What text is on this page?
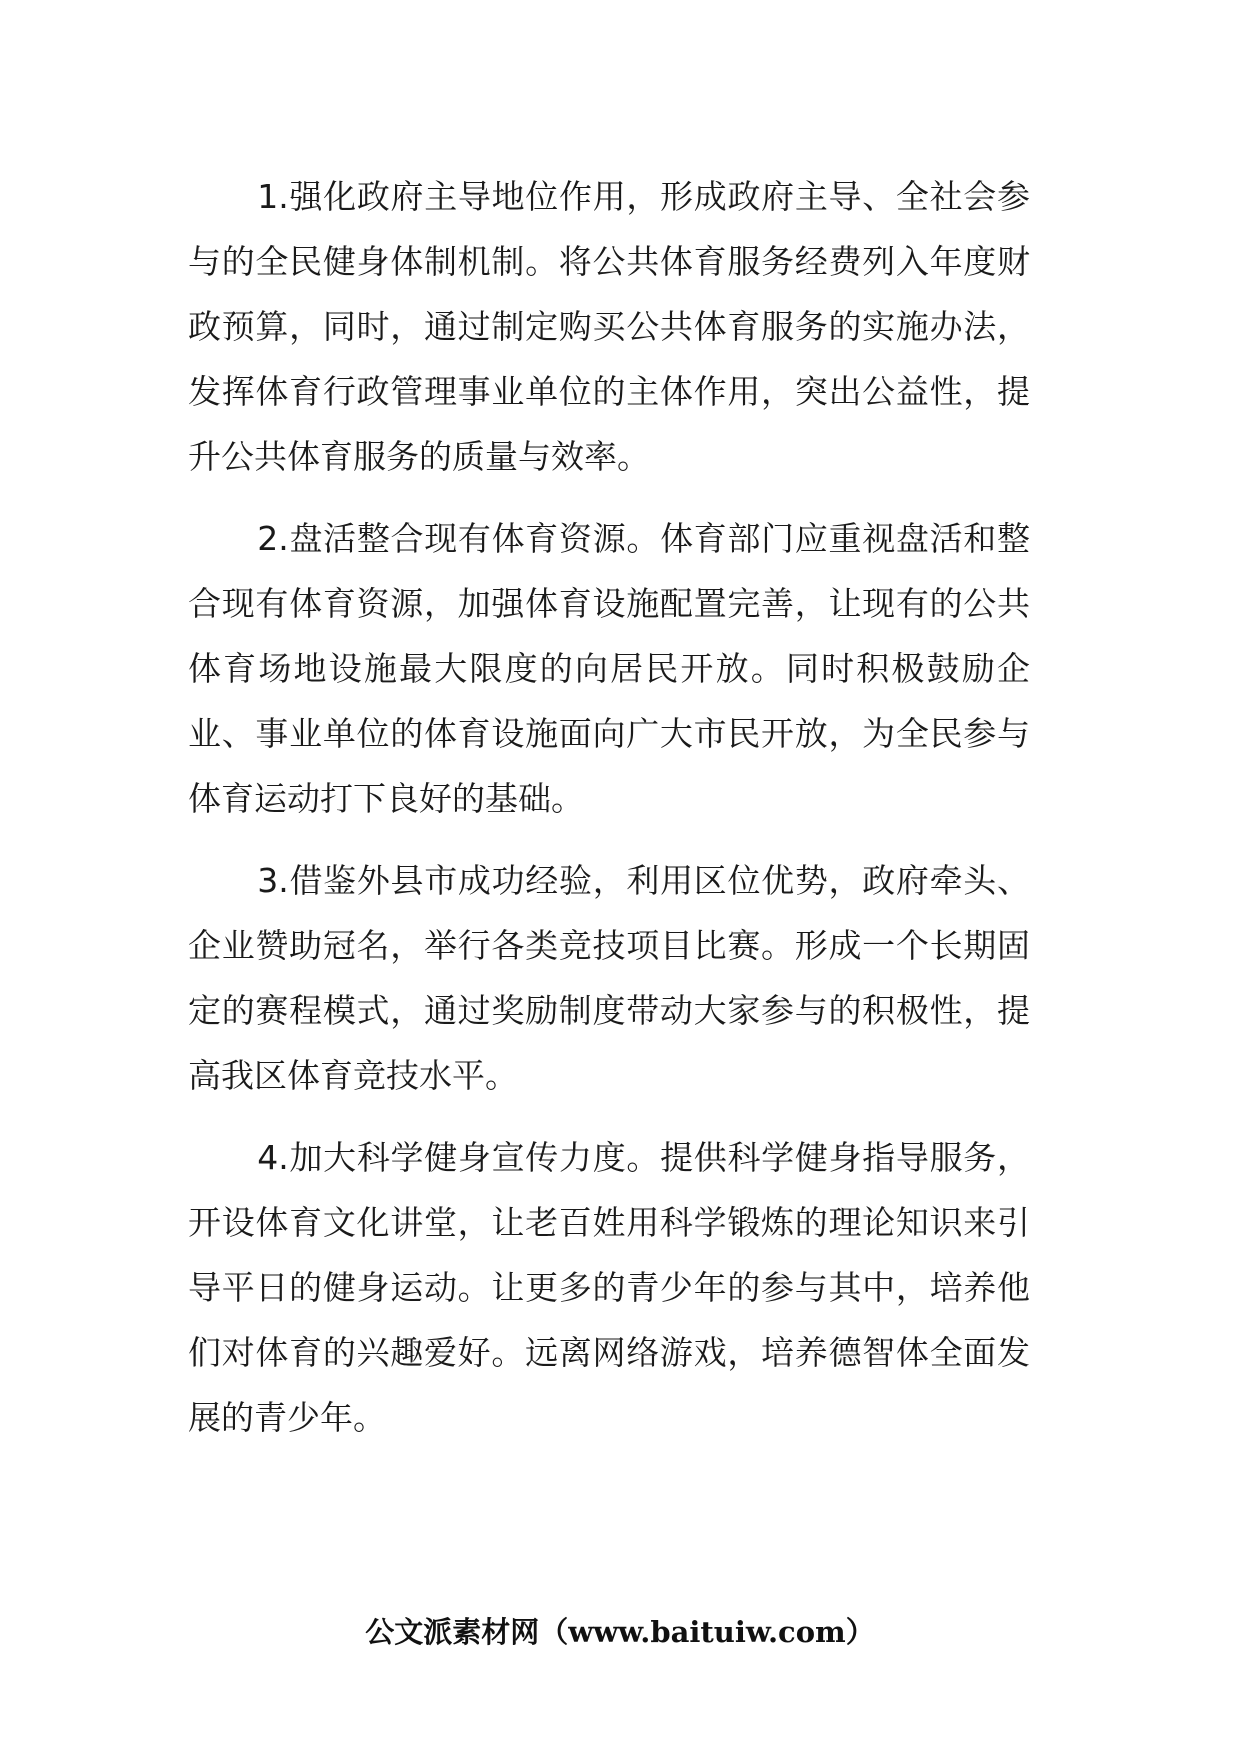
1.强化政府主导地位作用，形成政府主导、全社会参与的全民健身体制机制。将公共体育服务经费列入年度财政预算，同时，通过制定购买公共体育服务的实施办法，发挥体育行政管理事业单位的主体作用，突出公益性，提升公共体育服务的质量与效率。

2.盘活整合现有体育资源。体育部门应重视盘活和整合现有体育资源，加强体育设施配置完善，让现有的公共体育场地设施最大限度的向居民开放。同时积极鼓励企业、事业单位的体育设施面向广大市民开放，为全民参与体育运动打下良好的基础。

3.借鉴外县市成功经验，利用区位优势，政府牵头、企业赞助冠名，举行各类竞技项目比赛。形成一个长期固定的赛程模式，通过奖励制度带动大家参与的积极性，提高我区体育竞技水平。

4.加大科学健身宣传力度。提供科学健身指导服务，开设体育文化讲堂，让老百姓用科学锻炼的理论知识来引导平日的健身运动。让更多的青少年的参与其中，培养他们对体育的兴趣爱好。远离网络游戏，培养德智体全面发展的青少年。

公文派素材网（www.baituiw.com）
